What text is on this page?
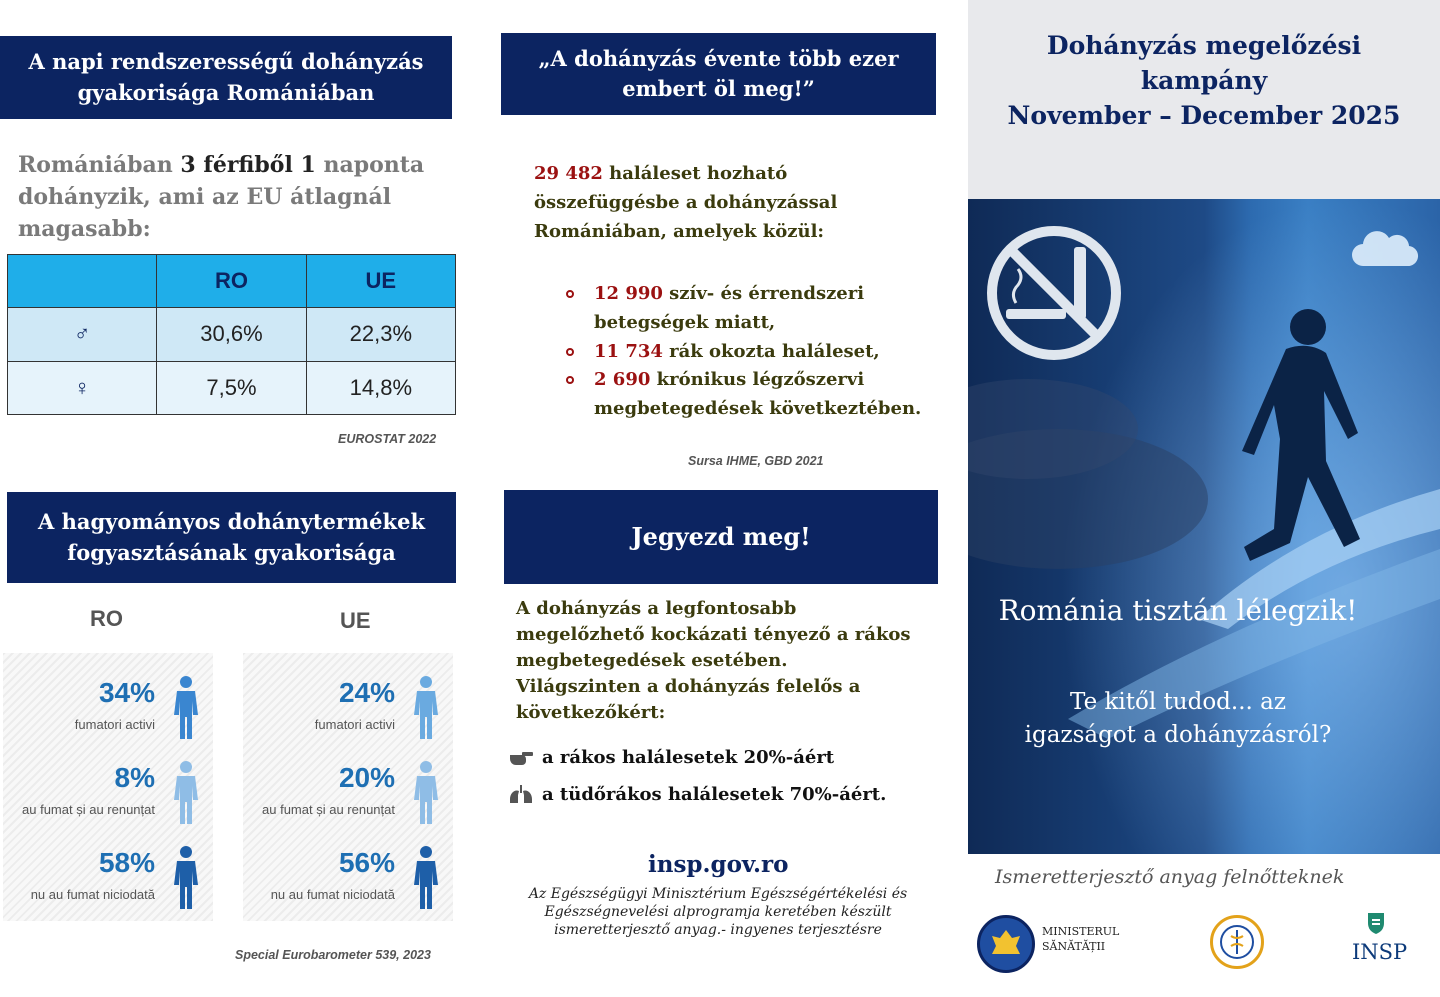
A napi rendszerességű dohányzás gyakorisága Romániában
Romániában 3 férfiből 1 naponta dohányzik, ami az EU átlagnál magasabb:
	RO	UE
♂	30,6%	22,3%
♀	7,5%	14,8%
EUROSTAT 2022
A hagyományos dohánytermékek fogyasztásának gyakorisága
RO	UE
34%
fumatori activi
8%
au fumat și au renunțat
58%
nu au fumat niciodată
24%
fumatori activi
20%
au fumat și au renunțat
56%
nu au fumat niciodată
Special Eurobarometer 539, 2023
„A dohányzás évente több ezer embert öl meg!”
29 482 haláleset hozható összefüggésbe a dohányzással Romániában, amelyek közül:
12 990 szív- és érrendszeri betegségek miatt,
11 734 rák okozta haláleset,
2 690 krónikus légzőszervi megbetegedések következtében.
Sursa IHME, GBD 2021
Jegyezd meg!
A dohányzás a legfontosabb megelőzhető kockázati tényező a rákos megbetegedések esetében.
Világszinten a dohányzás felelős a következőkért:
a rákos halálesetek 20%-áért
a tüdőrákos halálesetek 70%-áért.
insp.gov.ro
Az Egészségügyi Minisztérium Egészségértékelési és Egészségnevelési alprogramja keretében készült ismeretterjesztő anyag.- ingyenes terjesztésre
Dohányzás megelőzési
kampány
November – December 2025
Románia tisztán lélegzik!
Te kitől tudod... az igazságot a dohányzásról?
Ismeretterjesztő anyag felnőtteknek
MINISTERUL
SĂNĂTĂȚII	INSP
